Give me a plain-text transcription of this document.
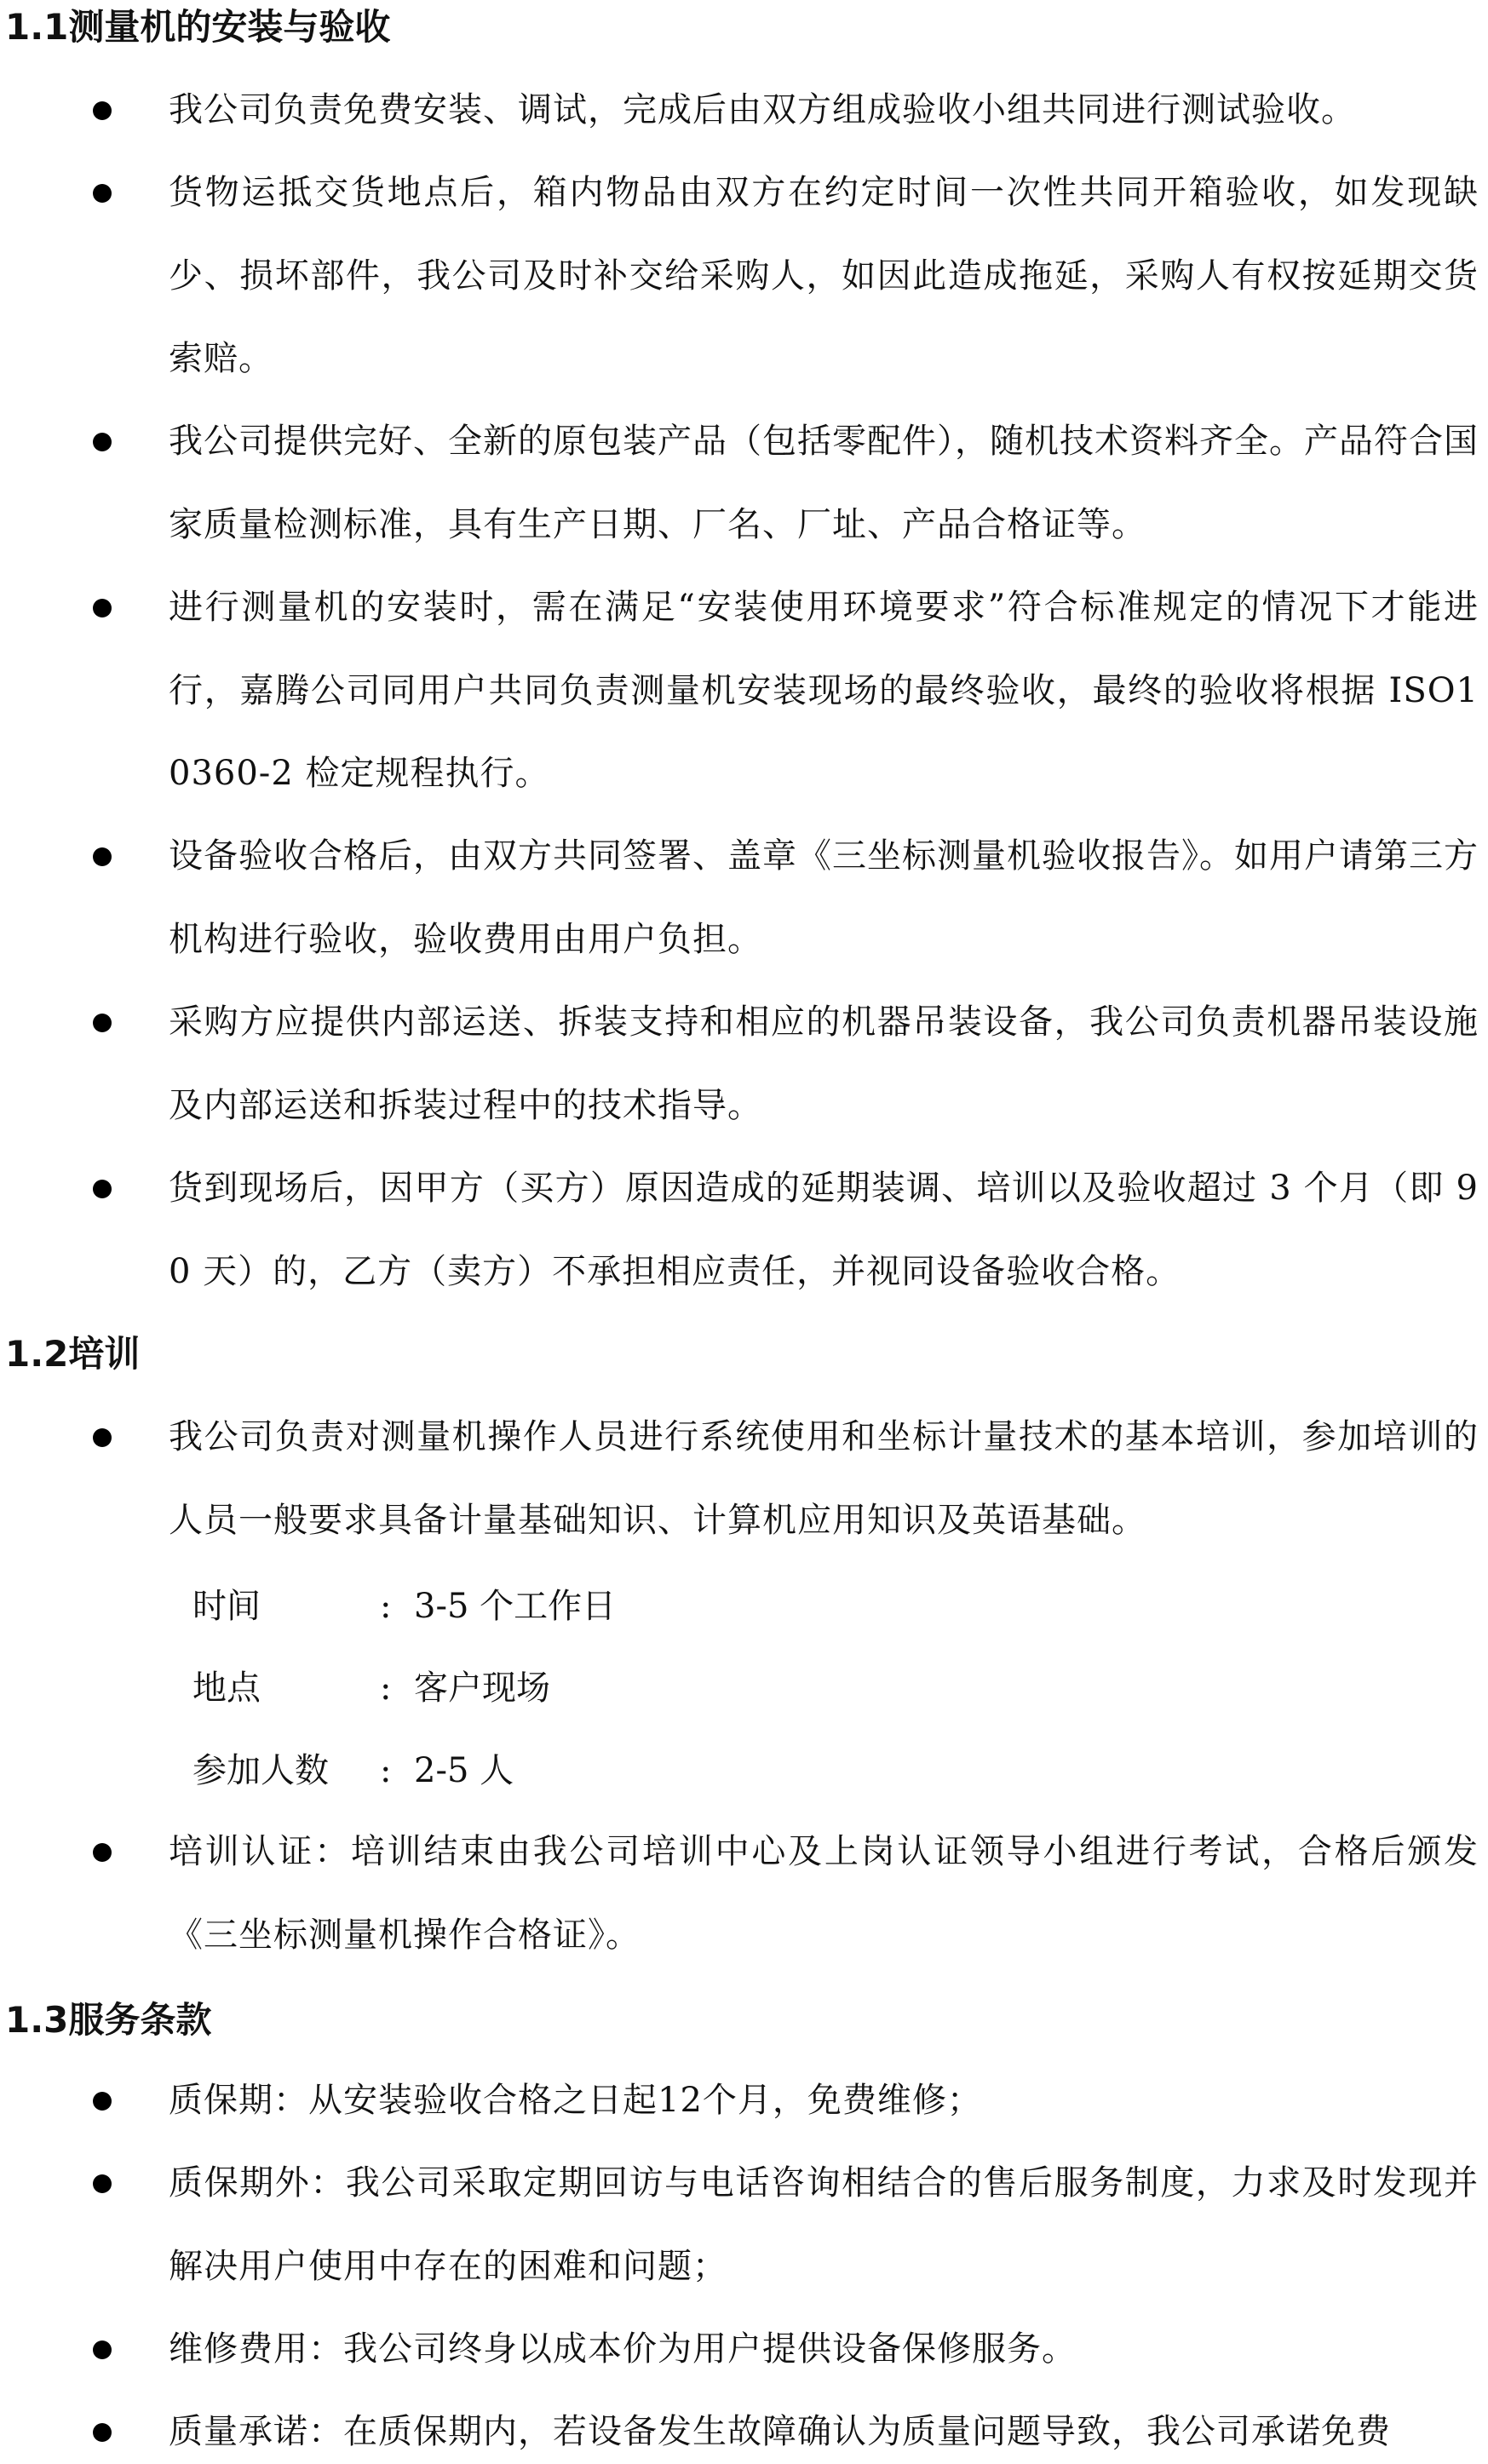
1.1测量机的安装与验收
我公司负责免费安装、调试，完成后由双方组成验收小组共同进行测试验收。
货物运抵交货地点后，箱内物品由双方在约定时间一次性共同开箱验收，如发现缺少、损坏部件，我公司及时补交给采购人，如因此造成拖延，采购人有权按延期交货索赔。
我公司提供完好、全新的原包装产品（包括零配件），随机技术资料齐全。产品符合国家质量检测标准，具有生产日期、厂名、厂址、产品合格证等。
进行测量机的安装时，需在满足“安装使用环境要求”符合标准规定的情况下才能进行，嘉腾公司同用户共同负责测量机安装现场的最终验收，最终的验收将根据 ISO10360-2 检定规程执行。
设备验收合格后，由双方共同签署、盖章《三坐标测量机验收报告》。如用户请第三方机构进行验收，验收费用由用户负担。
采购方应提供内部运送、拆装支持和相应的机器吊装设备，我公司负责机器吊装设施及内部运送和拆装过程中的技术指导。
货到现场后，因甲方（买方）原因造成的延期装调、培训以及验收超过 3 个月（即 90 天）的，乙方（卖方）不承担相应责任，并视同设备验收合格。
1.2培训
我公司负责对测量机操作人员进行系统使用和坐标计量技术的基本培训，参加培训的人员一般要求具备计量基础知识、计算机应用知识及英语基础。
时间	: 3-5 个工作日
地点	: 客户现场
参加人数 : 2-5 人
培训认证：培训结束由我公司培训中心及上岗认证领导小组进行考试，合格后颁发《三坐标测量机操作合格证》。
1.3服务条款
质保期：从安装验收合格之日起12个月，免费维修；
质保期外：我公司采取定期回访与电话咨询相结合的售后服务制度，力求及时发现并解决用户使用中存在的困难和问题；
维修费用：我公司终身以成本价为用户提供设备保修服务。
质量承诺：在质保期内，若设备发生故障确认为质量问题导致，我公司承诺免费
